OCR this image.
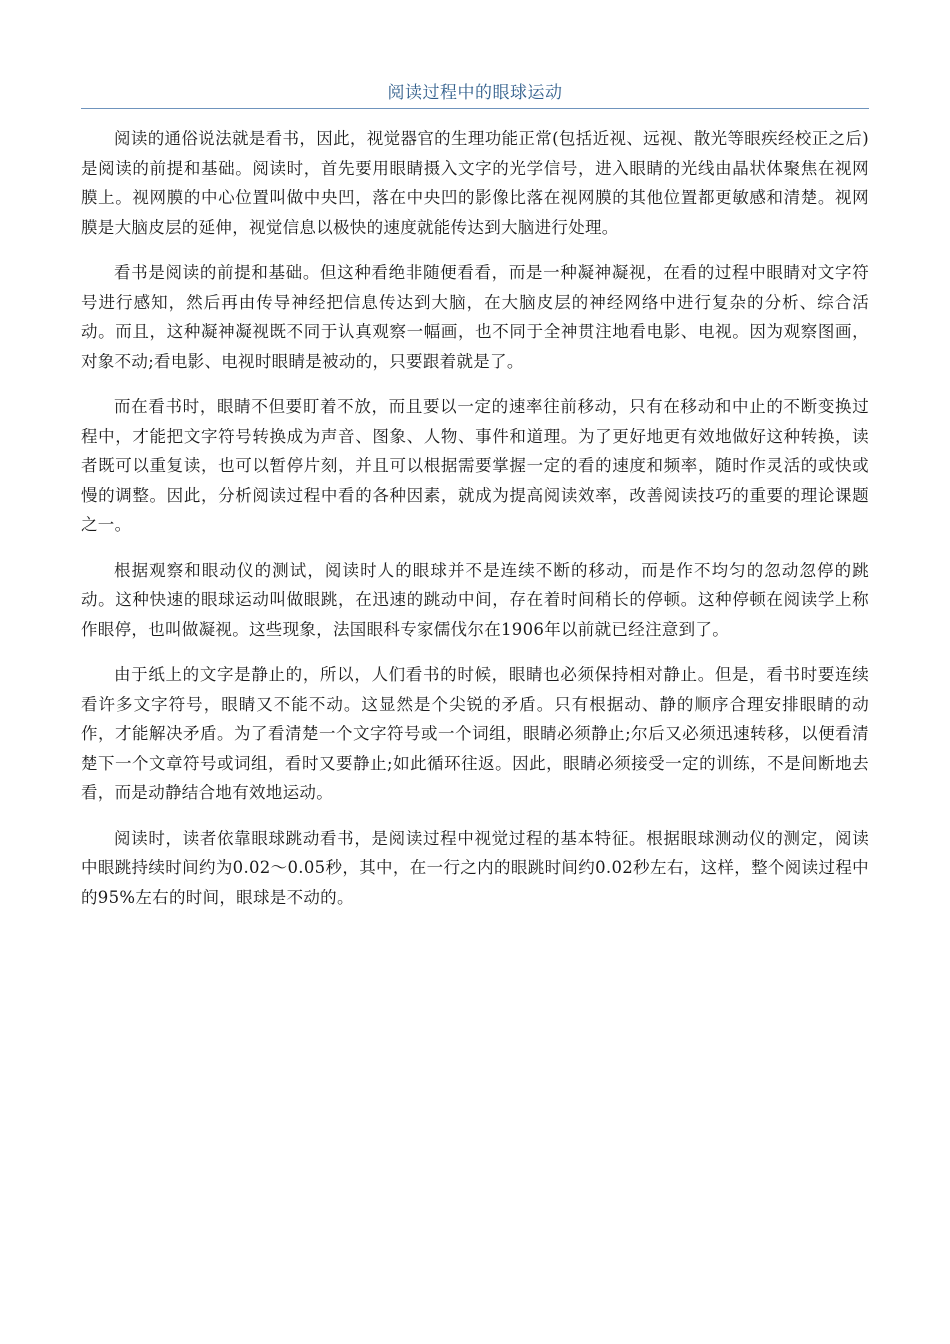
阅读过程中的眼球运动

阅读的通俗说法就是看书，因此，视觉器官的生理功能正常(包括近视、远视、散光等眼疾经校正之后)是阅读的前提和基础。阅读时，首先要用眼睛摄入文字的光学信号，进入眼睛的光线由晶状体聚焦在视网膜上。视网膜的中心位置叫做中央凹，落在中央凹的影像比落在视网膜的其他位置都更敏感和清楚。视网膜是大脑皮层的延伸，视觉信息以极快的速度就能传达到大脑进行处理。

看书是阅读的前提和基础。但这种看绝非随便看看，而是一种凝神凝视，在看的过程中眼睛对文字符号进行感知，然后再由传导神经把信息传达到大脑，在大脑皮层的神经网络中进行复杂的分析、综合活动。而且，这种凝神凝视既不同于认真观察一幅画，也不同于全神贯注地看电影、电视。因为观察图画，对象不动;看电影、电视时眼睛是被动的，只要跟着就是了。

而在看书时，眼睛不但要盯着不放，而且要以一定的速率往前移动，只有在移动和中止的不断变换过程中，才能把文字符号转换成为声音、图象、人物、事件和道理。为了更好地更有效地做好这种转换，读者既可以重复读，也可以暂停片刻，并且可以根据需要掌握一定的看的速度和频率，随时作灵活的或快或慢的调整。因此，分析阅读过程中看的各种因素，就成为提高阅读效率，改善阅读技巧的重要的理论课题之一。

根据观察和眼动仪的测试，阅读时人的眼球并不是连续不断的移动，而是作不均匀的忽动忽停的跳动。这种快速的眼球运动叫做眼跳，在迅速的跳动中间，存在着时间稍长的停顿。这种停顿在阅读学上称作眼停，也叫做凝视。这些现象，法国眼科专家儒伐尔在1906年以前就已经注意到了。

由于纸上的文字是静止的，所以，人们看书的时候，眼睛也必须保持相对静止。但是，看书时要连续看许多文字符号，眼睛又不能不动。这显然是个尖锐的矛盾。只有根据动、静的顺序合理安排眼睛的动作，才能解决矛盾。为了看清楚一个文字符号或一个词组，眼睛必须静止;尔后又必须迅速转移，以便看清楚下一个文章符号或词组，看时又要静止;如此循环往返。因此，眼睛必须接受一定的训练，不是间断地去看，而是动静结合地有效地运动。

阅读时，读者依靠眼球跳动看书，是阅读过程中视觉过程的基本特征。根据眼球测动仪的测定，阅读中眼跳持续时间约为0.02～0.05秒，其中，在一行之内的眼跳时间约0.02秒左右，这样，整个阅读过程中的95%左右的时间，眼球是不动的。
